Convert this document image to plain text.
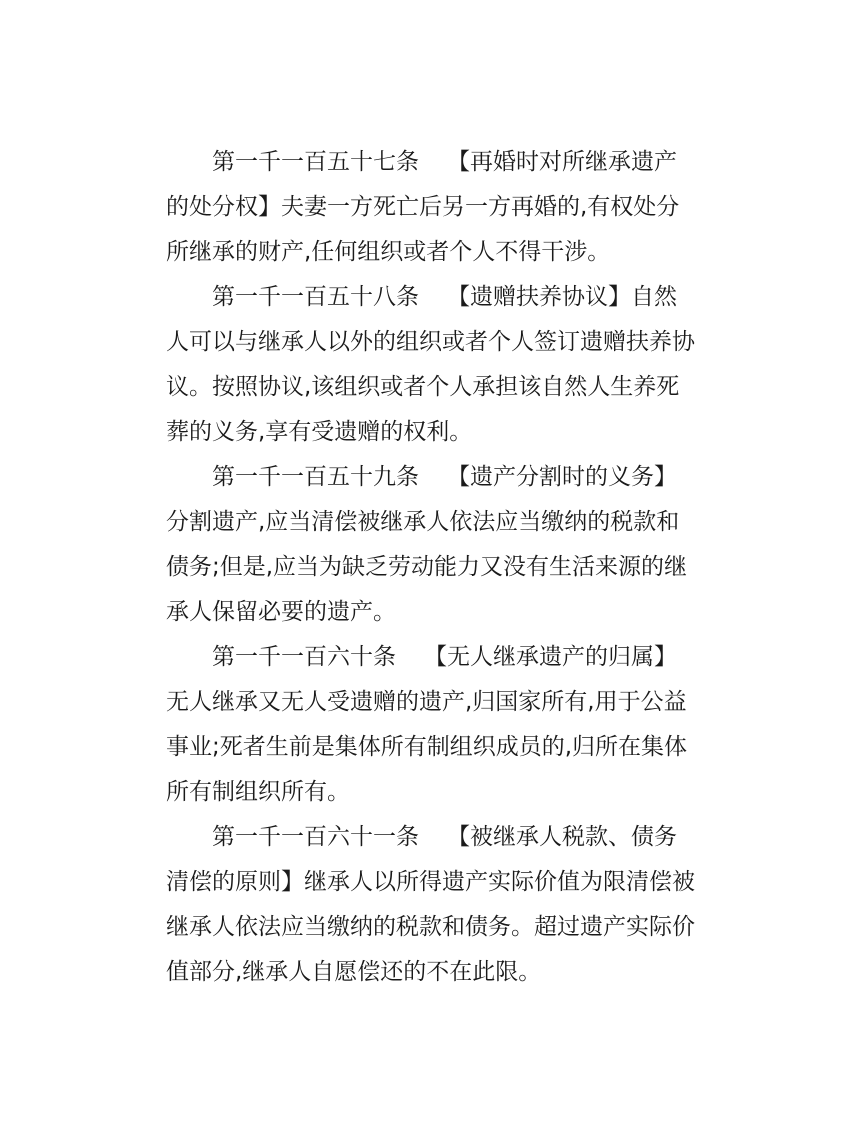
第一千一百五十七条 【再婚时对所继承遗产的处分权】夫妻一方死亡后另一方再婚的,有权处分所继承的财产,任何组织或者个人不得干涉。

第一千一百五十八条 【遗赠扶养协议】自然人可以与继承人以外的组织或者个人签订遗赠扶养协议。按照协议,该组织或者个人承担该自然人生养死葬的义务,享有受遗赠的权利。

第一千一百五十九条 【遗产分割时的义务】分割遗产,应当清偿被继承人依法应当缴纳的税款和债务;但是,应当为缺乏劳动能力又没有生活来源的继承人保留必要的遗产。

第一千一百六十条 【无人继承遗产的归属】无人继承又无人受遗赠的遗产,归国家所有,用于公益事业;死者生前是集体所有制组织成员的,归所在集体所有制组织所有。

第一千一百六十一条 【被继承人税款、债务清偿的原则】继承人以所得遗产实际价值为限清偿被继承人依法应当缴纳的税款和债务。超过遗产实际价值部分,继承人自愿偿还的不在此限。
